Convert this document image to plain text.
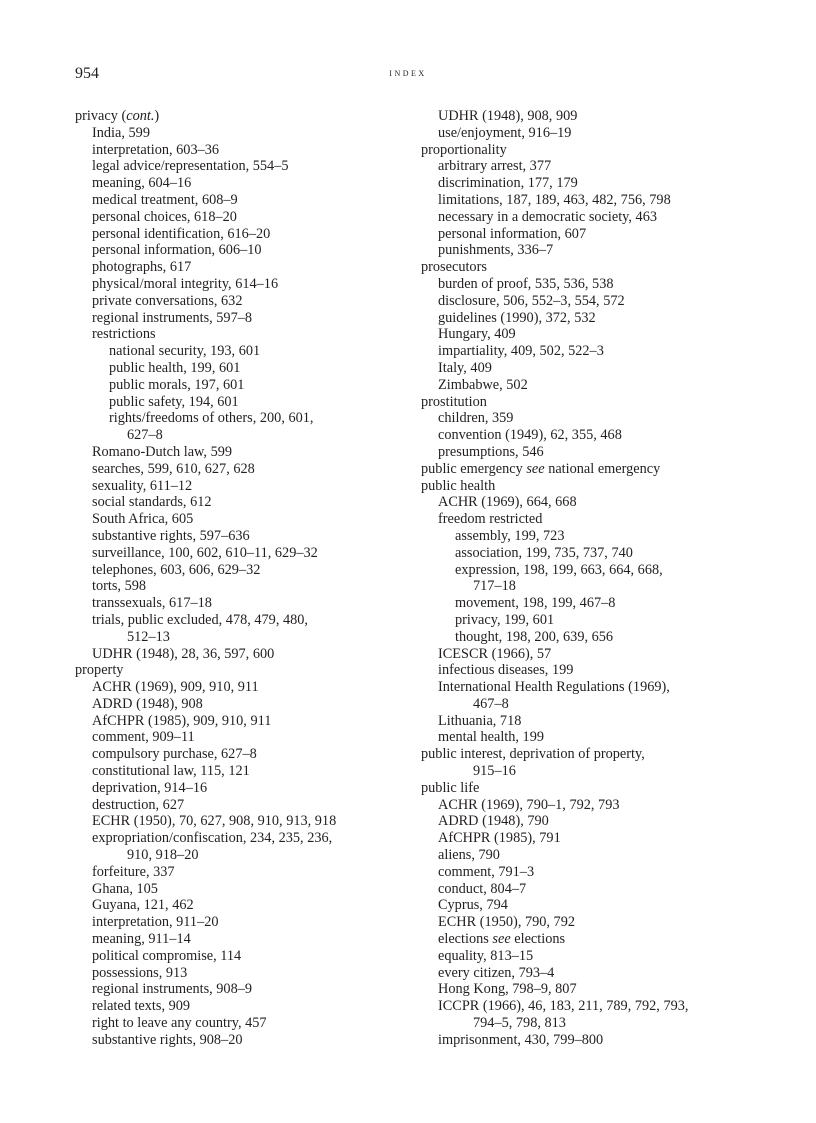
954	index
privacy (cont.)
India, 599
interpretation, 603–36
legal advice/representation, 554–5
meaning, 604–16
medical treatment, 608–9
personal choices, 618–20
personal identification, 616–20
personal information, 606–10
photographs, 617
physical/moral integrity, 614–16
private conversations, 632
regional instruments, 597–8
restrictions
national security, 193, 601
public health, 199, 601
public morals, 197, 601
public safety, 194, 601
rights/freedoms of others, 200, 601,
627–8
Romano-Dutch law, 599
searches, 599, 610, 627, 628
sexuality, 611–12
social standards, 612
South Africa, 605
substantive rights, 597–636
surveillance, 100, 602, 610–11, 629–32
telephones, 603, 606, 629–32
torts, 598
transsexuals, 617–18
trials, public excluded, 478, 479, 480,
512–13
UDHR (1948), 28, 36, 597, 600
property
ACHR (1969), 909, 910, 911
ADRD (1948), 908
AfCHPR (1985), 909, 910, 911
comment, 909–11
compulsory purchase, 627–8
constitutional law, 115, 121
deprivation, 914–16
destruction, 627
ECHR (1950), 70, 627, 908, 910, 913, 918
expropriation/confiscation, 234, 235, 236,
910, 918–20
forfeiture, 337
Ghana, 105
Guyana, 121, 462
interpretation, 911–20
meaning, 911–14
political compromise, 114
possessions, 913
regional instruments, 908–9
related texts, 909
right to leave any country, 457
substantive rights, 908–20
UDHR (1948), 908, 909
use/enjoyment, 916–19
proportionality
arbitrary arrest, 377
discrimination, 177, 179
limitations, 187, 189, 463, 482, 756, 798
necessary in a democratic society, 463
personal information, 607
punishments, 336–7
prosecutors
burden of proof, 535, 536, 538
disclosure, 506, 552–3, 554, 572
guidelines (1990), 372, 532
Hungary, 409
impartiality, 409, 502, 522–3
Italy, 409
Zimbabwe, 502
prostitution
children, 359
convention (1949), 62, 355, 468
presumptions, 546
public emergency see national emergency
public health
ACHR (1969), 664, 668
freedom restricted
assembly, 199, 723
association, 199, 735, 737, 740
expression, 198, 199, 663, 664, 668,
717–18
movement, 198, 199, 467–8
privacy, 199, 601
thought, 198, 200, 639, 656
ICESCR (1966), 57
infectious diseases, 199
International Health Regulations (1969),
467–8
Lithuania, 718
mental health, 199
public interest, deprivation of property,
915–16
public life
ACHR (1969), 790–1, 792, 793
ADRD (1948), 790
AfCHPR (1985), 791
aliens, 790
comment, 791–3
conduct, 804–7
Cyprus, 794
ECHR (1950), 790, 792
elections see elections
equality, 813–15
every citizen, 793–4
Hong Kong, 798–9, 807
ICCPR (1966), 46, 183, 211, 789, 792, 793,
794–5, 798, 813
imprisonment, 430, 799–800
